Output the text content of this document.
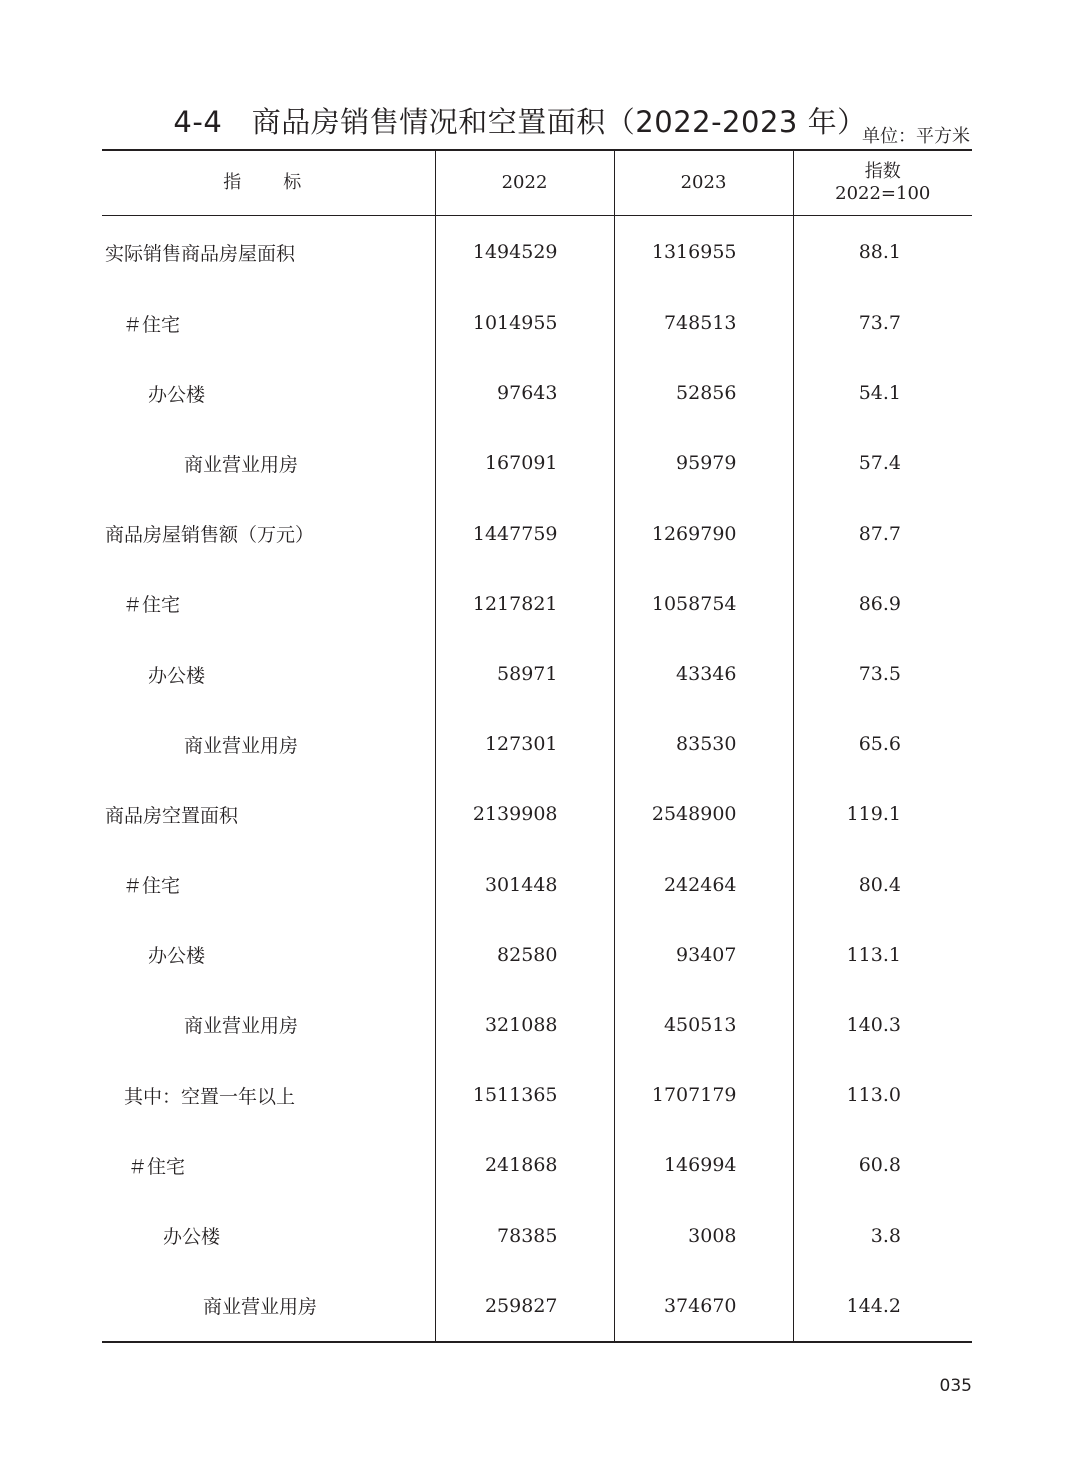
4-4　商品房销售情况和空置面积（2022-2023 年）
单位：平方米
指　标	2022	2023	指数
2022=100

实际销售商品房屋面积	1494529	1316955	88.1
＃住宅	1014955	748513	73.7
办公楼	97643	52856	54.1
商业营业用房	167091	95979	57.4
商品房屋销售额（万元）	1447759	1269790	87.7
＃住宅	1217821	1058754	86.9
办公楼	58971	43346	73.5
商业营业用房	127301	83530	65.6
商品房空置面积	2139908	2548900	119.1
＃住宅	301448	242464	80.4
办公楼	82580	93407	113.1
商业营业用房	321088	450513	140.3
其中：空置一年以上	1511365	1707179	113.0
＃住宅	241868	146994	60.8
办公楼	78385	3008	3.8
商业营业用房	259827	374670	144.2
035
